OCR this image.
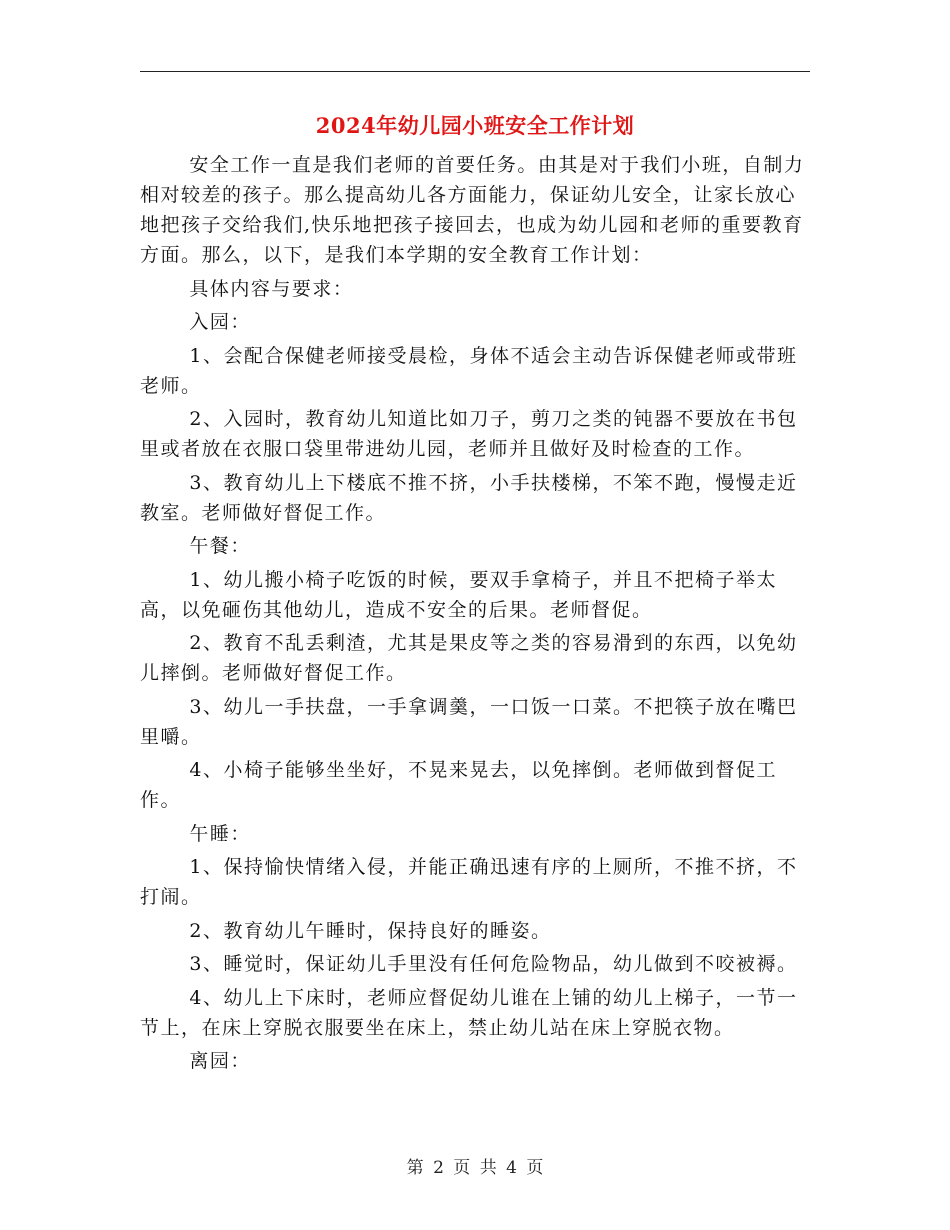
2024年幼儿园小班安全工作计划

安全工作一直是我们老师的首要任务。由其是对于我们小班，自制力相对较差的孩子。那么提高幼儿各方面能力，保证幼儿安全，让家长放心地把孩子交给我们,快乐地把孩子接回去，也成为幼儿园和老师的重要教育方面。那么，以下，是我们本学期的安全教育工作计划：

具体内容与要求：

入园：

1、会配合保健老师接受晨检，身体不适会主动告诉保健老师或带班老师。

2、入园时，教育幼儿知道比如刀子，剪刀之类的钝器不要放在书包里或者放在衣服口袋里带进幼儿园，老师并且做好及时检查的工作。

3、教育幼儿上下楼底不推不挤，小手扶楼梯，不笨不跑，慢慢走近教室。老师做好督促工作。

午餐：

1、幼儿搬小椅子吃饭的时候，要双手拿椅子，并且不把椅子举太高，以免砸伤其他幼儿，造成不安全的后果。老师督促。

2、教育不乱丢剩渣，尤其是果皮等之类的容易滑到的东西，以免幼儿摔倒。老师做好督促工作。

3、幼儿一手扶盘，一手拿调羹，一口饭一口菜。不把筷子放在嘴巴里嚼。

4、小椅子能够坐坐好，不晃来晃去，以免摔倒。老师做到督促工作。

午睡：

1、保持愉快情绪入侵，并能正确迅速有序的上厕所，不推不挤，不打闹。

2、教育幼儿午睡时，保持良好的睡姿。

3、睡觉时，保证幼儿手里没有任何危险物品，幼儿做到不咬被褥。

4、幼儿上下床时，老师应督促幼儿谁在上铺的幼儿上梯子，一节一节上，在床上穿脱衣服要坐在床上，禁止幼儿站在床上穿脱衣物。

离园：

第 2 页 共 4 页
